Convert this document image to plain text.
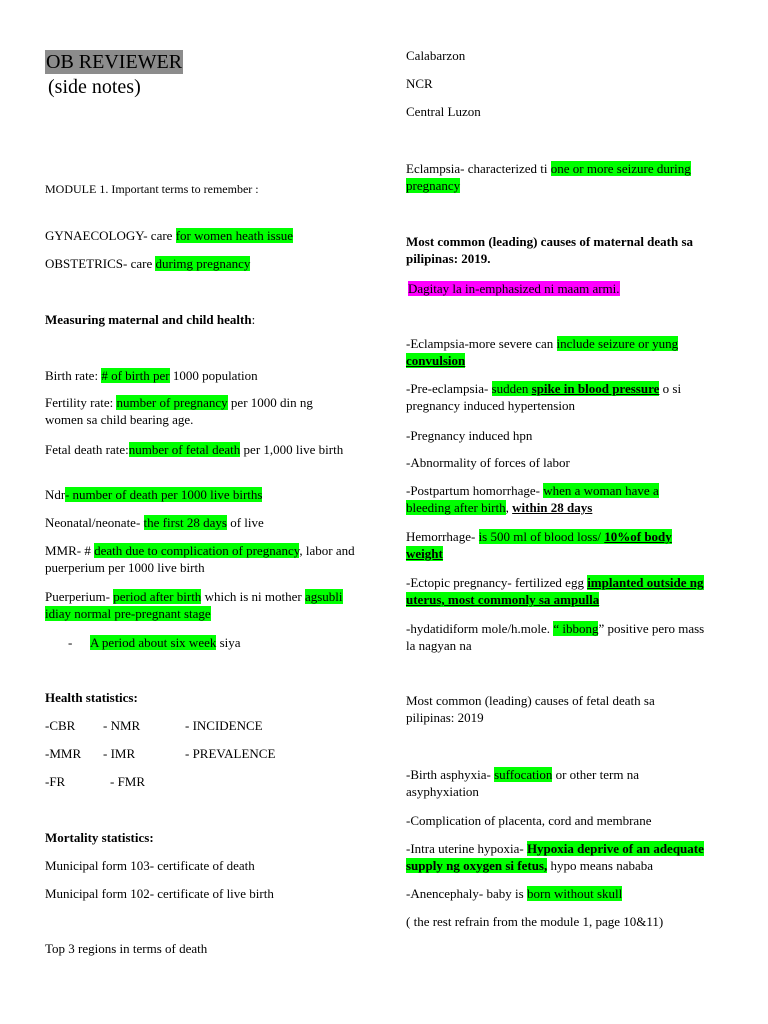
OB REVIEWER
(side notes)

MODULE 1. Important terms to remember :

GYNAECOLOGY- care for women heath issue

OBSTETRICS- care durimg pregnancy

Measuring maternal and child health:

Birth rate: # of birth per 1000 population

Fertility rate: number of pregnancy per 1000 din ng women sa child bearing age.

Fetal death rate:number of fetal death per 1,000 live birth

Ndr- number of death per 1000 live births

Neonatal/neonate- the first 28 days of live

MMR- # death due to complication of pregnancy, labor and puerperium per 1000 live birth

Puerperium- period after birth which is ni mother agsubli idiay normal pre-pregnant stage

- A period about six week siya

Health statistics:

-CBR - NMR	- INCIDENCE
-MMR - IMR	- PREVALENCE
-FR	- FMR

Mortality statistics:

Municipal form 103- certificate of death

Municipal form 102- certificate of live birth

Top 3 regions in terms of death

Calabarzon

NCR

Central Luzon

Eclampsia- characterized ti one or more seizure during pregnancy

Most common (leading) causes of maternal death sa pilipinas: 2019.

Dagitay la in-emphasized ni maam armi.

-Eclampsia-more severe can include seizure or yung convulsion

-Pre-eclampsia- sudden spike in blood pressure o si pregnancy induced hypertension

-Pregnancy induced hpn

-Abnormality of forces of labor

-Postpartum homorrhage- when a woman have a bleeding after birth, within 28 days

Hemorrhage- is 500 ml of blood loss/ 10%of body weight

-Ectopic pregnancy- fertilized egg implanted outside ng uterus, most commonly sa ampulla

-hydatidiform mole/h.mole. “ ibbong” positive pero mass la nagyan na

Most common (leading) causes of fetal death sa pilipinas: 2019

-Birth asphyxia- suffocation or other term na asyphyxiation

-Complication of placenta, cord and membrane

-Intra uterine hypoxia- Hypoxia deprive of an adequate supply ng oxygen si fetus, hypo means nababa

-Anencephaly- baby is born without skull

( the rest refrain from the module 1, page 10&11)
